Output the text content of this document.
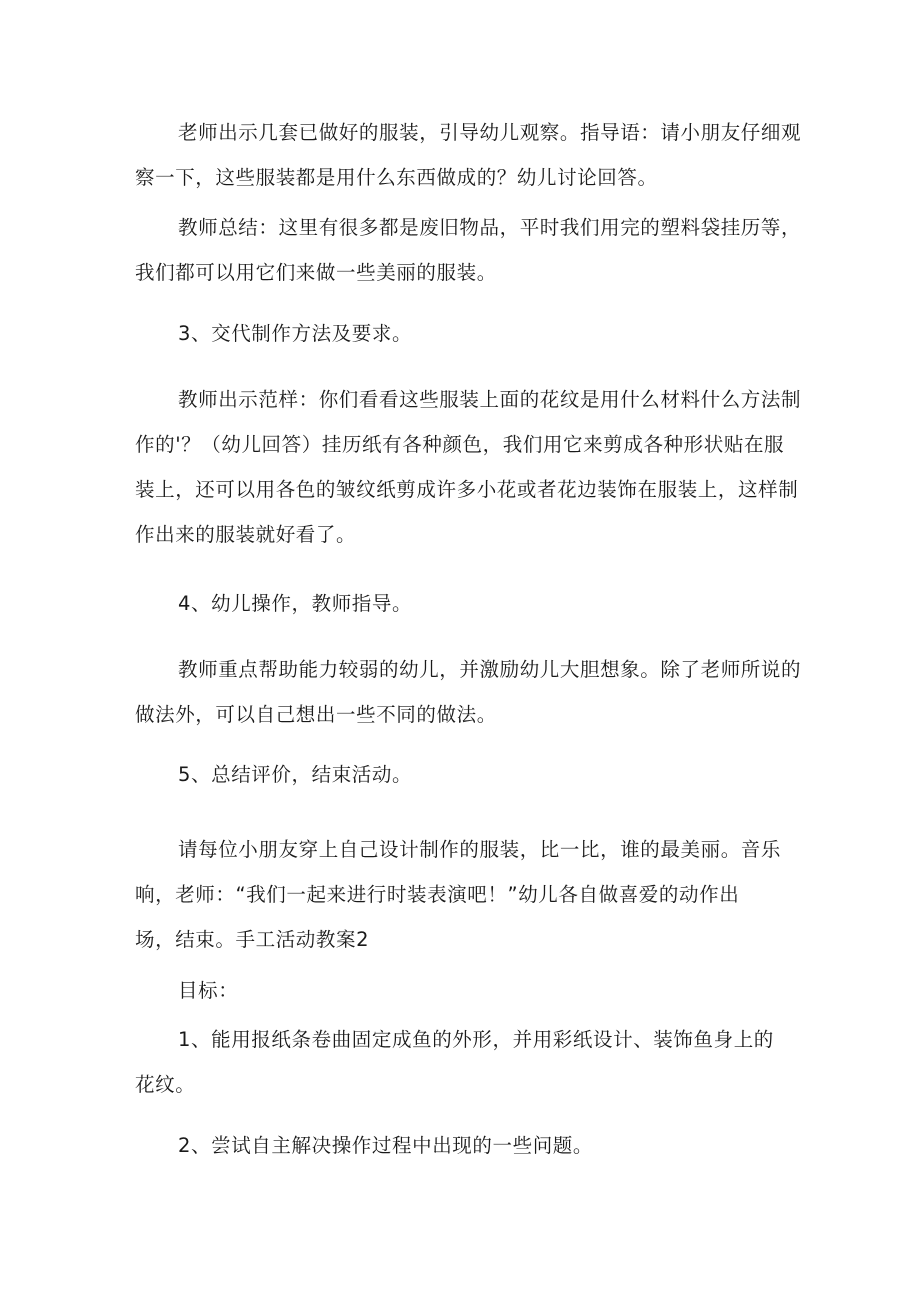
老师出示几套已做好的服装，引导幼儿观察。指导语：请小朋友仔细观
察一下，这些服装都是用什么东西做成的？幼儿讨论回答。

教师总结：这里有很多都是废旧物品，平时我们用完的塑料袋挂历等，
我们都可以用它们来做一些美丽的服装。

3、交代制作方法及要求。

教师出示范样：你们看看这些服装上面的花纹是用什么材料什么方法制
作的'？（幼儿回答）挂历纸有各种颜色，我们用它来剪成各种形状贴在服
装上，还可以用各色的皱纹纸剪成许多小花或者花边装饰在服装上，这样制
作出来的服装就好看了。

4、幼儿操作，教师指导。

教师重点帮助能力较弱的幼儿，并激励幼儿大胆想象。除了老师所说的
做法外，可以自己想出一些不同的做法。

5、总结评价，结束活动。

请每位小朋友穿上自己设计制作的服装，比一比，谁的最美丽。音乐
响，老师：“我们一起来进行时装表演吧！”幼儿各自做喜爱的动作出
场，结束。手工活动教案2

目标：

1、能用报纸条卷曲固定成鱼的外形，并用彩纸设计、装饰鱼身上的
花纹。

2、尝试自主解决操作过程中出现的一些问题。
